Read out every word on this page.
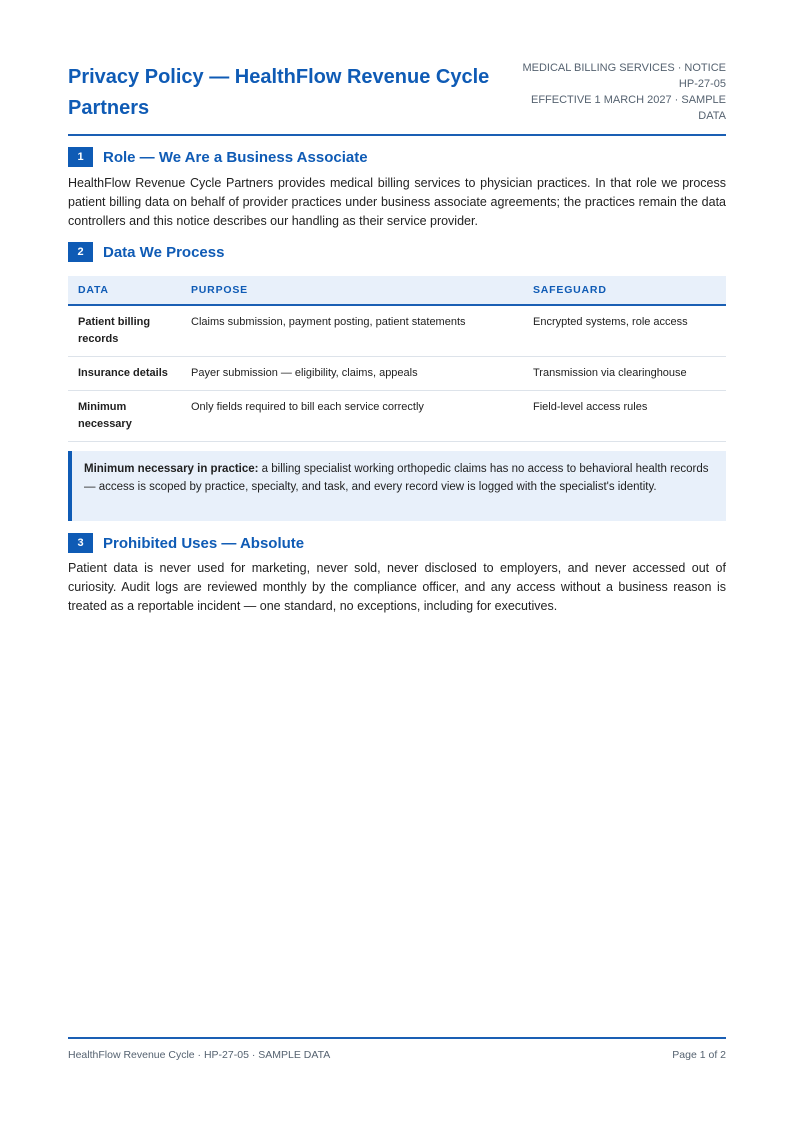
Privacy Policy — HealthFlow Revenue Cycle Partners
MEDICAL BILLING SERVICES · NOTICE
HP-27-05
EFFECTIVE 1 MARCH 2027 · SAMPLE
DATA
1	Role — We Are a Business Associate
HealthFlow Revenue Cycle Partners provides medical billing services to physician practices. In that role we process patient billing data on behalf of provider practices under business associate agreements; the practices remain the data controllers and this notice describes our handling as their service provider.
2	Data We Process
DATA	PURPOSE	SAFEGUARD
Patient billing records	Claims submission, payment posting, patient statements	Encrypted systems, role access
Insurance details	Payer submission — eligibility, claims, appeals	Transmission via clearinghouse
Minimum necessary	Only fields required to bill each service correctly	Field-level access rules
Minimum necessary in practice: a billing specialist working orthopedic claims has no access to behavioral health records — access is scoped by practice, specialty, and task, and every record view is logged with the specialist's identity.
3	Prohibited Uses — Absolute
Patient data is never used for marketing, never sold, never disclosed to employers, and never accessed out of curiosity. Audit logs are reviewed monthly by the compliance officer, and any access without a business reason is treated as a reportable incident — one standard, no exceptions, including for executives.
HealthFlow Revenue Cycle · HP-27-05 · SAMPLE DATA	Page 1 of 2
